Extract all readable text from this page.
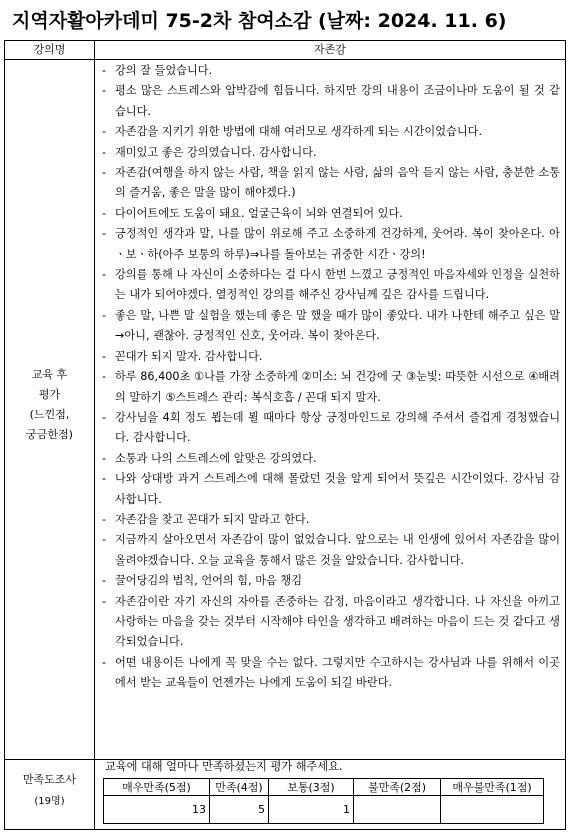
지역자활아카데미 75-2차 참여소감 (날짜: 2024. 11. 6)
강의명	자존감
교육 후
평가
(느낀점,
궁금한점)
- 강의 잘 들었습니다.
- 평소 많은 스트레스와 압박감에 힘듭니다. 하지만 강의 내용이 조금이나마 도움이 될 것 같습니다.
- 자존감을 지키기 위한 방법에 대해 여러모로 생각하게 되는 시간이었습니다.
- 재미있고 좋은 강의였습니다. 감사합니다.
- 자존감(여행을 하지 않는 사람, 책을 읽지 않는 사람, 삶의 음악 듣지 않는 사람, 충분한 소통의 즐거움, 좋은 말을 많이 해야겠다.)
- 다이어트에도 도움이 돼요. 얼굴근육이 뇌와 연결되어 있다.
- 긍정적인 생각과 말, 나를 많이 위로해 주고 소중하게 건강하게, 웃어라. 복이 찾아온다. 아ㆍ보ㆍ하(아주 보통의 하루)⇒나를 돌아보는 귀중한 시간ㆍ강의!
- 강의를 통해 나 자신이 소중하다는 걸 다시 한번 느꼈고 긍정적인 마음자세와 인정을 실천하는 내가 되어야겠다. 열정적인 강의를 해주신 강사님께 깊은 감사를 드립니다.
- 좋은 말, 나쁜 말 실험을 했는데 좋은 말 했을 때가 많이 좋았다. 내가 나한테 해주고 싶은 말→아니, 괜찮아. 긍정적인 신호, 웃어라. 복이 찾아온다.
- 꼰대가 되지 말자. 감사합니다.
- 하루 86,400초 ①나를 가장 소중하게 ②미소: 뇌 건강에 굿 ③눈빛: 따뜻한 시선으로 ④배려의 말하기 ⑤스트레스 관리: 복식호흡 / 꼰대 되지 말자.
- 강사님을 4회 정도 뵙는데 뵐 때마다 항상 긍정마인드로 강의해 주셔서 즐겁게 경청했습니다. 감사합니다.
- 소통과 나의 스트레스에 알맞은 강의였다.
- 나와 상대방 과거 스트레스에 대해 몰랐던 것을 알게 되어서 뜻깊은 시간이었다. 강사님 감사합니다.
- 자존감을 찾고 꼰대가 되지 말라고 한다.
- 지금까지 살아오면서 자존감이 많이 없었습니다. 앞으로는 내 인생에 있어서 자존감을 많이 올려야겠습니다. 오늘 교육을 통해서 많은 것을 알았습니다. 감사합니다.
- 끌어당김의 법칙, 언어의 힘, 마음 챙김
- 자존감이란 자기 자신의 자아를 존중하는 감정, 마음이라고 생각합니다. 나 자신을 아끼고 사랑하는 마음을 갖는 것부터 시작해야 타인을 생각하고 배려하는 마음이 드는 것 같다고 생각되었습니다.
- 어떤 내용이든 나에게 꼭 맞을 수는 없다. 그렇지만 수고하시는 강사님과 나를 위해서 이곳에서 받는 교육들이 언젠가는 나에게 도움이 되길 바란다.
만족도조사
(19명)
교육에 대해 얼마나 만족하셨는지 평가 해주세요.
매우만족(5점)	만족(4점)	보통(3점)	불만족(2점)	매우불만족(1점)
13	5	1		
